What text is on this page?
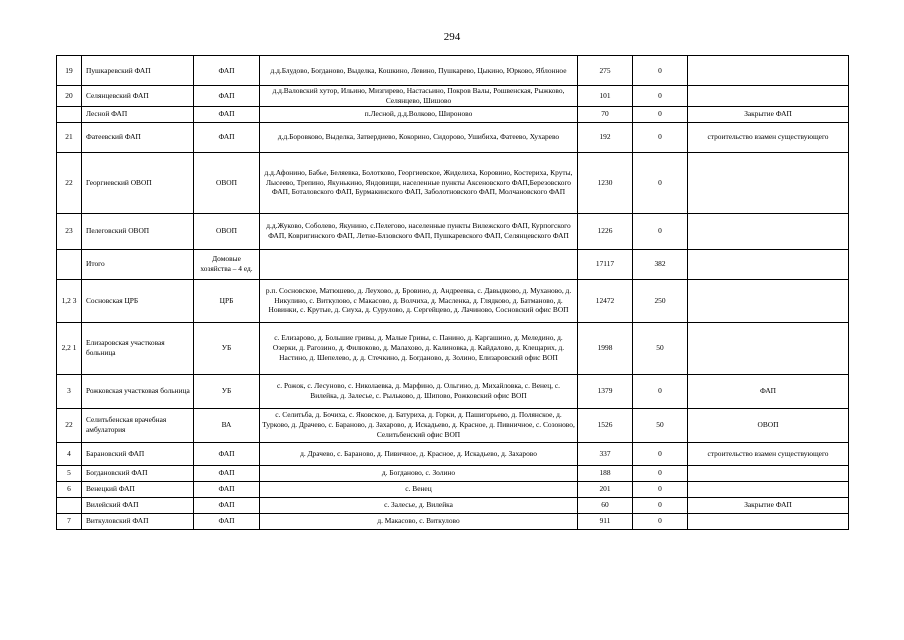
294
19	Пушкаревский ФАП	ФАП	д.д.Блудово, Богданово, Выделка, Кошкино, Левино, Пушкарево, Цыкино, Юрково, Яблонное	275	0	
20	Селянцевский ФАП	ФАП	д.д.Валовский хутор, Ильино, Мизгирево, Настасьино, Покров Валы, Рошвенская, Рыжково, Селянцево, Шишово	101	0	
	Лесной ФАП	ФАП	п.Лесной, д.д.Волково, Широново	70	0	Закрытие ФАП
21	Фатеевский ФАП	ФАП	д.д.Боровково, Выделка, Затвердиево, Кокорино, Сидорово, Ушибиха, Фатеево, Хухарево	192	0	строительство взамен существующего
22	Георгиевский ОВОП	ОВОП	д.д.Афонино, Бабье, Беляевка, Болотково, Георгиевское, Жиделиха, Коровино, Костериха, Круты, Лысеево, Трепино, Якунькино, Яндовищи, населенные пункты Аксеновского ФАП,Березовского ФАП, Боталовского ФАП, Бурмакинского ФАП, Заболотновского ФАП, Молчановского ФАП	1230	0	
23	Пелеговский ОВОП	ОВОП	д.д.Жуково, Соболево, Якунино, с.Пелегово, населенные пункты Вилежского ФАП, Курпогского ФАП, Ковригинского ФАП, Летне-Блзовского ФАП, Пушкаревского ФАП, Селянцевского ФАП	1226	0	
	Итого	Домовые хозяйства – 4 ед.		17117	382	
1,2 3	Сосновская ЦРБ	ЦРБ	р.п. Сосновское, Матюшево, д. Леухово, д. Бровино, д. Андреевка, с. Давыдково, д. Муханово, д. Никулино, с. Виткулово, с Макасово, д. Волчиха, д. Масленка, д. Глядково, д. Батманово, д. Новинки, с. Крутые, д. Сиуха, д. Сурулово, д. Сергейцево, д. Лачиново, Сосновский офис ВОП	12472	250	
2,2 1	Елизаровская участковая больница	УБ	с. Елизарово, д. Большие гривы, д. Малые Гривы, с. Панино, д. Каргашино, д. Меледино, д. Озерки, д. Рагозино, д. Филюково, д. Малахово, д. Калиновка, д. Кайдалово, д. Клещарих, д. Настино, д. Шепелево, д. д. Стечкино, д. Богданово, д. Золино, Елизаровский офис ВОП	1998	50	
3	Рожковская участковая больница	УБ	с. Рожок, с. Лесуново, с. Николаевка, д. Марфино, д. Ольгино, д. Михайловка, с. Венец, с. Вилейка, д. Залесье, с. Рыльково, д. Шипово, Рожковский офис ВОП	1379	0	ФАП
22	Селитьбенская врачебная амбулатория	ВА	с. Селитьба, д. Бочиха, с. Яковское, д. Батуриха, д. Горки, д. Пашигорьево, д. Полянское, д. Турково, д. Драчево, с. Бараново, д. Захарово, д. Искадьево, д. Красное, д. Пивничное, с. Созоново, Селитьбенский офис ВОП	1526	50	ОВОП
4	Барановский ФАП	ФАП	д. Драчево, с. Бараново, д. Пивичное, д. Красное, д. Искадьево, д. Захарово	337	0	строительство взамен существующего
5	Богдановский ФАП	ФАП	д. Богданово, с. Золино	188	0	
6	Венецкий ФАП	ФАП	с. Венец	201	0	
	Вилейский ФАП	ФАП	с. Залесье, д. Вилейка	60	0	Закрытие ФАП
7	Виткуловский ФАП	ФАП	д. Макасово, с. Виткулово	911	0	
